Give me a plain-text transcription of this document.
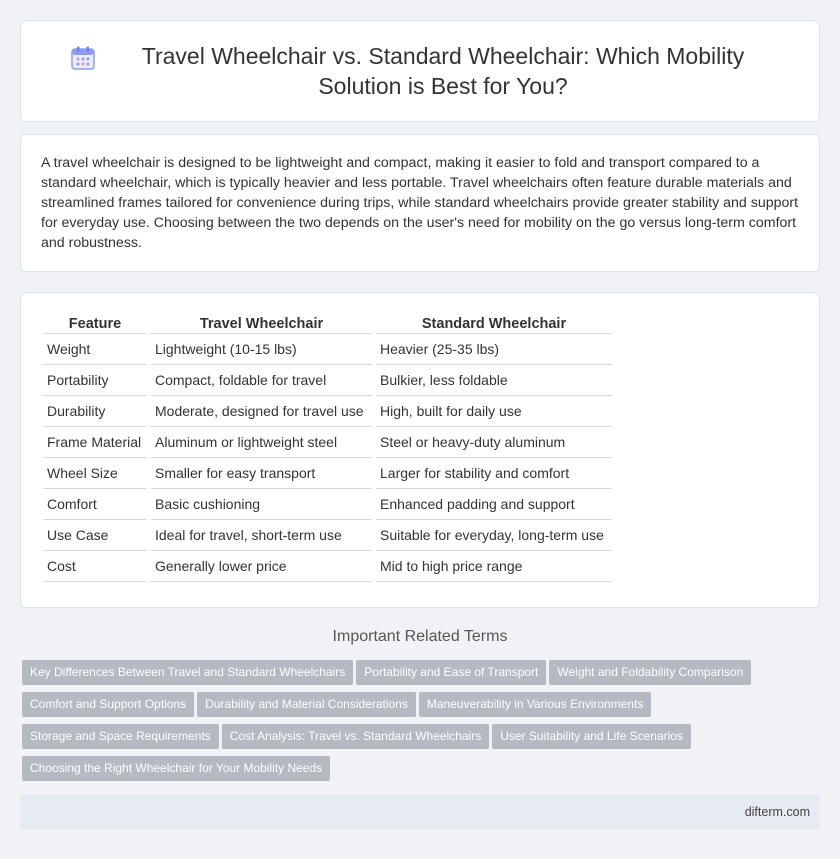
Travel Wheelchair vs. Standard Wheelchair: Which Mobility Solution is Best for You?

A travel wheelchair is designed to be lightweight and compact, making it easier to fold and transport compared to a standard wheelchair, which is typically heavier and less portable. Travel wheelchairs often feature durable materials and streamlined frames tailored for convenience during trips, while standard wheelchairs provide greater stability and support for everyday use. Choosing between the two depends on the user's need for mobility on the go versus long-term comfort and robustness.

Feature	Travel Wheelchair	Standard Wheelchair
Weight	Lightweight (10-15 lbs)	Heavier (25-35 lbs)
Portability	Compact, foldable for travel	Bulkier, less foldable
Durability	Moderate, designed for travel use	High, built for daily use
Frame Material	Aluminum or lightweight steel	Steel or heavy-duty aluminum
Wheel Size	Smaller for easy transport	Larger for stability and comfort
Comfort	Basic cushioning	Enhanced padding and support
Use Case	Ideal for travel, short-term use	Suitable for everyday, long-term use
Cost	Generally lower price	Mid to high price range
Important Related Terms
Key Differences Between Travel and Standard Wheelchairs Portability and Ease of Transport Weight and Foldability Comparison
Comfort and Support Options Durability and Material Considerations Maneuverability in Various Environments
Storage and Space Requirements Cost Analysis: Travel vs. Standard Wheelchairs User Suitability and Life Scenarios
Choosing the Right Wheelchair for Your Mobility Needs
difterm.com
